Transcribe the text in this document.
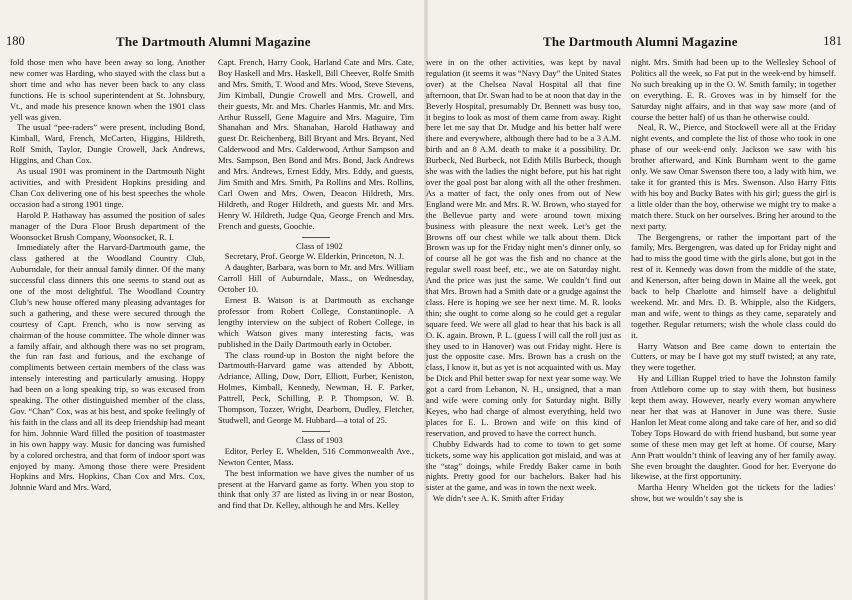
180	The Dartmouth Alumni Magazine

fold those men who have been away so long. Another new comer was Harding, who stayed with the class but a short time and who has never been back to any class functions. He is school superintendent at St. Johnsbury, Vt., and made his presence known when the 1901 class yell was given.

The usual “pee-raders” were present, including Bond, Kimball, Ward, French, McCarten, Higgins, Hildreth, Rolf Smith, Taylor, Dungie Crowell, Jack Andrews, Higgins, and Chan Cox.

As usual 1901 was prominent in the Dartmouth Night activities, and with President Hopkins presiding and Chan Cox delivering one of his best speeches the whole occasion had a strong 1901 tinge.

Harold P. Hathaway has assumed the position of sales manager of the Dura Floor Brush department of the Woonsocket Brush Company, Woonsocket, R. I.

Immediately after the Harvard-Dartmouth game, the class gathered at the Woodland Country Club, Auburndale, for their annual family dinner. Of the many successful class dinners this one seems to stand out as one of the most delightful. The Woodland Country Club’s new house offered many pleasing advantages for such a gathering, and these were secured through the courtesy of Capt. French, who is now serving as chairman of the house committee. The whole dinner was a family affair, and although there was no set program, the fun ran fast and furious, and the exchange of compliments between certain members of the class was intensely interesting and particularly amusing. Hoppy had been on a long speaking trip, so was excused from speaking. The other distinguished member of the class, Gov. “Chan” Cox, was at his best, and spoke feelingly of his faith in the class and all its deep friendship had meant for him. Johnnie Ward filled the position of toastmaster in his own happy way. Music for dancing was furnished by a colored orchestra, and that form of indoor sport was enjoyed by many. Among those there were President Hopkins and Mrs. Hopkins, Chan Cox and Mrs. Cox, Johnnie Ward and Mrs. Ward,

Capt. French, Harry Cook, Harland Cate and Mrs. Cate, Boy Haskell and Mrs. Haskell, Bill Cheever, Rolfe Smith and Mrs. Smith, T. Wood and Mrs. Wood, Steve Stevens, Jim Kimball, Dungie Crowell and Mrs. Crowell, and their guests, Mr. and Mrs. Charles Hanmis, Mr. and Mrs. Arthur Russell, Gene Maguire and Mrs. Maguire, Tim Shanahan and Mrs. Shanahan, Harold Hathaway and guest Dr. Reichenberg, Bill Bryant and Mrs. Bryant, Ned Calderwood and Mrs. Calderwood, Arthur Sampson and Mrs. Sampson, Ben Bond and Mrs. Bond, Jack Andrews and Mrs. Andrews, Ernest Eddy, Mrs. Eddy, and guests, Jim Smith and Mrs. Smith, Pa Rollins and Mrs. Rollins, Carl Owen and Mrs. Owen, Deacon Hildreth, Mrs. Hildreth, and Roger Hildreth, and guests Mr. and Mrs. Henry W. Hildreth, Judge Qua, George French and Mrs. French and guests, Goochie.

Class of 1902

Secretary, Prof. George W. Elderkin, Princeton, N. J.

A daughter, Barbara, was born to Mr. and Mrs. William Carroll Hill of Auburndale, Mass., on Wednesday, October 10.

Ernest B. Watson is at Dartmouth as exchange professor from Robert College, Constantinople. A lengthy interview on the subject of Robert College, in which Watson gives many interesting facts, was published in the Daily Dartmouth early in October.

The class round-up in Boston the night before the Dartmouth-Harvard game was attended by Abbott, Adriance, Alling, Dow, Dorr, Elliott, Furber, Keniston, Holmes, Kimball, Kennedy, Newman, H. F. Parker, Pattrell, Peck, Schilling, P. P. Thompson, W. B. Thompson, Tozzer, Wright, Dearborn, Dudley, Fletcher, Studwell, and George M. Hubbard—a total of 25.

Class of 1903

Editor, Perley E. Whelden, 516 Commonwealth Ave., Newton Center, Mass.

The best information we have gives the number of us present at the Harvard game as forty. When you stop to think that only 37 are listed as living in or near Boston, and find that Dr. Kelley, although he and Mrs. Kelley

The Dartmouth Alumni Magazine	181

were in on the other activities, was kept by naval regulation (it seems it was “Navy Day” the United States over) at the Chelsea Naval Hospital all that fine afternoon, that Dr. Swan had to be at noon that day in the Beverly Hospital, presumably Dr. Bennett was busy too, it begins to look as most of them came from away. Right here let me say that Dr. Mudge and his better half were there and everywhere, although there had to be a 3 A.M. birth and an 8 A.M. death to make it a possibility. Dr. Burbeck, Ned Burbeck, not Edith Mills Burbeck, though she was with the ladies the night before, put his hat right over the goal post bar along with all the other freshmen. As a matter of fact, the only ones from out of New England were Mr. and Mrs. R. W. Brown, who stayed for the Bellevue party and were around town mixing business with pleasure the next week. Let’s get the Browns off our chest while we talk about them. Dick Brown was up for the Friday night men’s dinner only, so of course all he got was the fish and no chance at the regular swell roast beef, etc., we ate on Saturday night. And the price was just the same. We couldn’t find out that Mrs. Brown had a Smith date or a grudge against the class. Here is hoping we see her next time. M. R. looks thin; she ought to come along so he could get a regular square feed. We were all glad to hear that his back is all O. K. again. Brown, P. L. (guess I will call the roll just as they used to in Hanover) was out Friday night. Here is just the opposite case. Mrs. Brown has a crush on the class, I know it, but as yet is not acquainted with us. May be Dick and Phil better swap for next year some way. We got a card from Lebanon, N. H., unsigned, that a man and wife were coming only for Saturday night. Billy Keyes, who had charge of almost everything, held two places for E. L. Brown and wife on this kind of reservation, and proved to have the correct hunch.

Chubby Edwards had to come to town to get some tickets, some way his application got mislaid, and was at the “stag” doings, while Freddy Baker came in both nights. Pretty good for our bachelors. Baker had his sister at the game, and was in town the next week.

We didn’t see A. K. Smith after Friday

night. Mrs. Smith had been up to the Wellesley School of Politics all the week, so Fat put in the week-end by himself. No such breaking up in the O. W. Smith family; in together on everything. E. R. Groves was in by himself for the Saturday night affairs, and in that way saw more (and of course the better half) of us than he otherwise could.

Neal, R. W., Pierce, and Stockwell were all at the Friday night events, and complete the list of those who took in one phase of our week-end only. Jackson we saw with his brother afterward, and Kink Burnham went to the game only. We saw Omar Swenson there too, a lady with him, we take it for granted this is Mrs. Swenson. Also Harry Fitts with his boy and Bucky Bates with his girl; guess the girl is a little older than the boy, otherwise we might try to make a match there. Stuck on her ourselves. Bring her around to the next party.

The Bergengrens, or rather the important part of the family, Mrs. Bergengren, was dated up for Friday night and had to miss the good time with the girls alone, but got in the rest of it. Kennedy was down from the middle of the state, and Kenerson, after being down in Maine all the week, got back to help Charlotte and himself have a delightful weekend. Mr. and Mrs. D. B. Whipple, also the Kidgers, man and wife, went to things as they came, separately and together. Regular returners; wish the whole class could do it.

Harry Watson and Bee came down to entertain the Cutters, or may be I have got my stuff twisted; at any rate, they were together.

Hy and Lillian Ruppel tried to have the Johnston family from Attleboro come up to stay with them, but business kept them away. However, nearly every woman anywhere near her that was at Hanover in June was there. Susie Hanlon let Meat come along and take care of her, and so did Tobey Tops Howard do with friend husband, but some year some of these men may get left at home. Of course, Mary Ann Pratt wouldn’t think of leaving any of her family away. She even brought the daughter. Good for her. Everyone do likewise, at the first opportunity.

Martha Henry Whelden got the tickets for the ladies’ show, but we wouldn’t say she is
